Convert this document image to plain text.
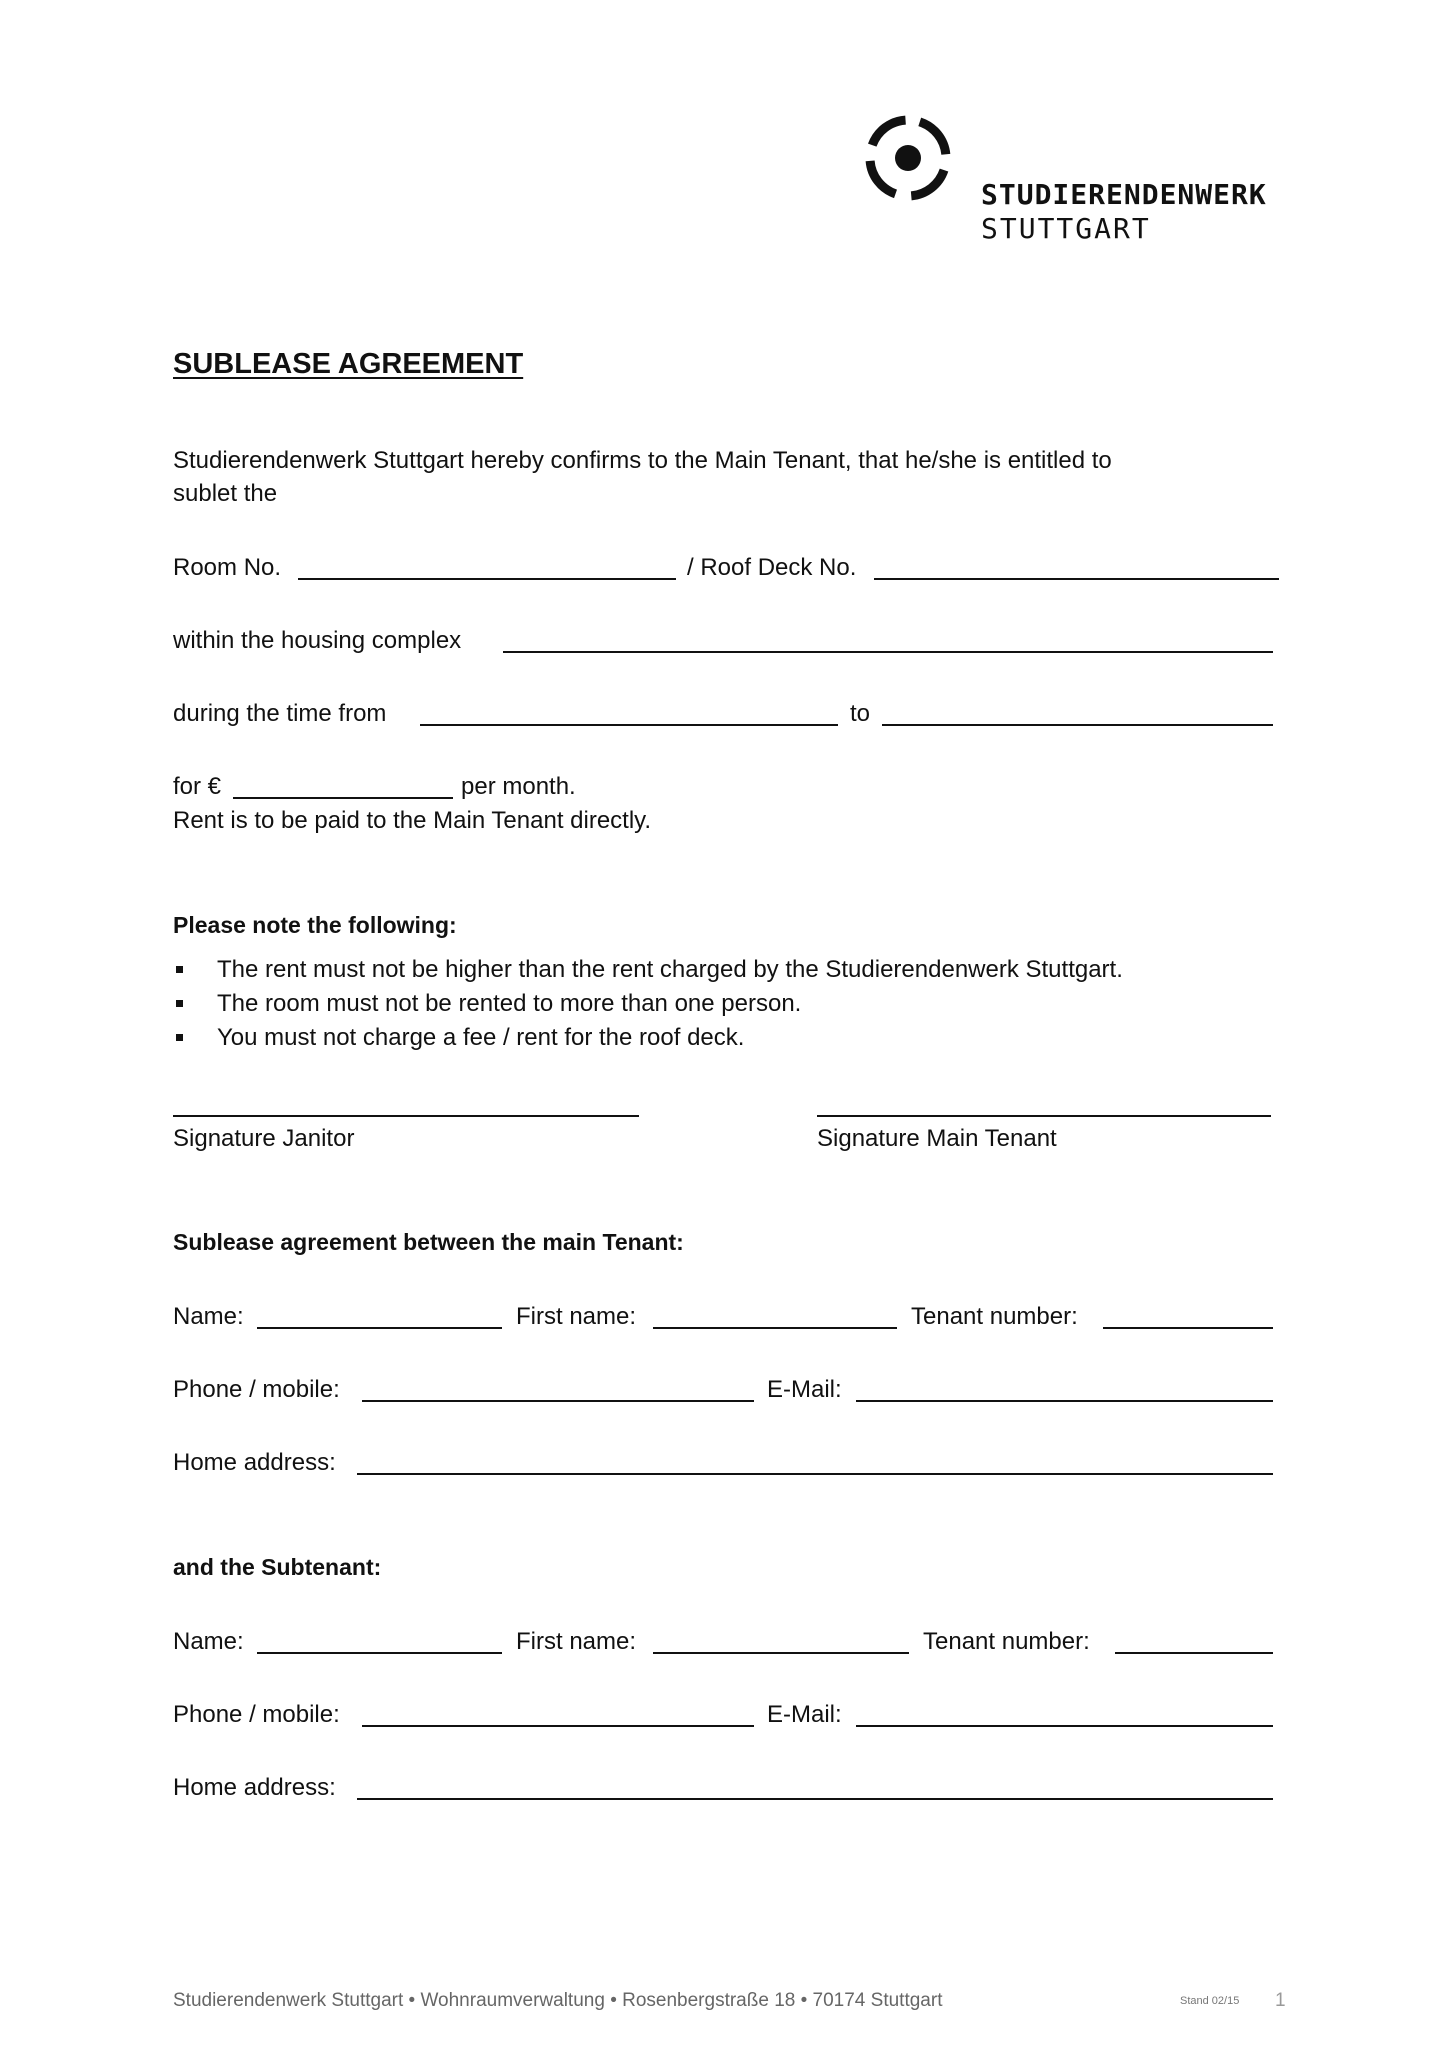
STUDIERENDENWERK
STUTTGART
SUBLEASE AGREEMENT
Studierendenwerk Stuttgart hereby confirms to the Main Tenant, that he/she is entitled to
sublet the
Room No.	/ Roof Deck No.
within the housing complex
during the time from	to
for €	per month.
Rent is to be paid to the Main Tenant directly.
Please note the following:
The rent must not be higher than the rent charged by the Studierendenwerk Stuttgart.
The room must not be rented to more than one person.
You must not charge a fee / rent for the roof deck.
Signature Janitor	Signature Main Tenant
Sublease agreement between the main Tenant:
Name:	First name:	Tenant number:
Phone / mobile:	E-Mail:
Home address:
and the Subtenant:
Name:	First name:	Tenant number:
Phone / mobile:	E-Mail:
Home address:
Studierendenwerk Stuttgart • Wohnraumverwaltung • Rosenbergstraße 18 • 70174 Stuttgart	Stand 02/15 1
